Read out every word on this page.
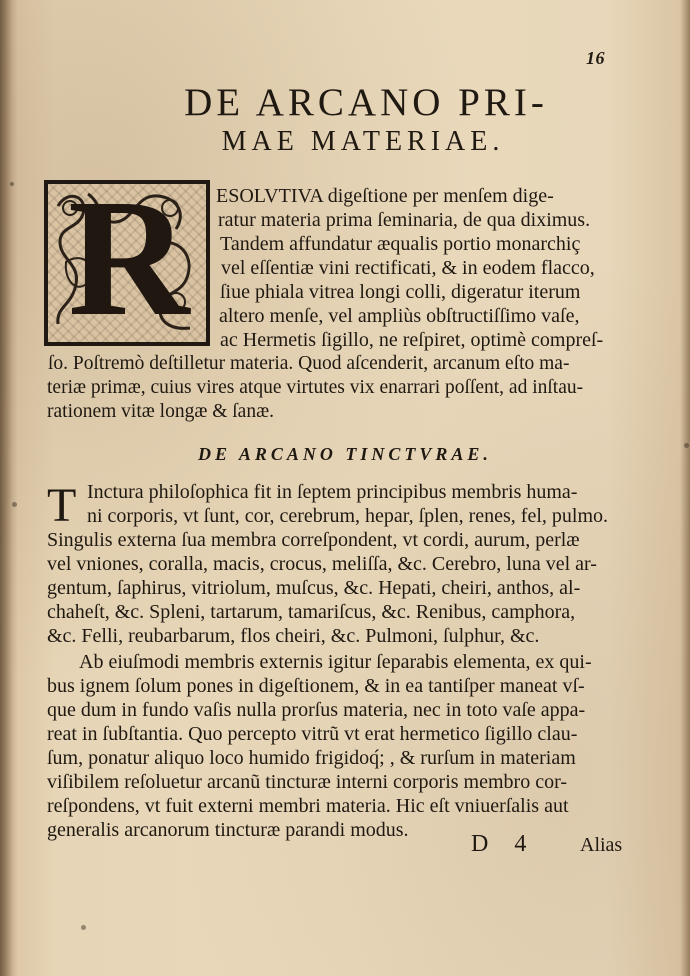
16
DE ARCANO PRI-
MAE MATERIAE.
R ESOLVTIVA digeſtione per menſem dige-
ratur materia prima ſeminaria, de qua diximus.
Tandem affundatur æqualis portio monarchiç
vel eſſentiæ vini rectificati, & in eodem flacco,
ſiue phiala vitrea longi colli, digeratur iterum
altero menſe, vel ampliùs obſtructiſſimo vaſe,
ac Hermetis ſigillo, ne reſpiret, optimè compreſ-
ſo. Poſtremò deſtilletur materia. Quod aſcenderit, arcanum eſto ma-
teriæ primæ, cuius vires atque virtutes vix enarrari poſſent, ad inſtau-
rationem vitæ longæ & ſanæ.
DE ARCANO TINCTVRAE.
T Inctura philoſophica fit in ſeptem principibus membris huma-
ni corporis, vt ſunt, cor, cerebrum, hepar, ſplen, renes, fel, pulmo.
Singulis externa ſua membra correſpondent, vt cordi, aurum, perlæ
vel vniones, coralla, macis, crocus, meliſſa, &c. Cerebro, luna vel ar-
gentum, ſaphirus, vitriolum, muſcus, &c. Hepati, cheiri, anthos, al-
chaheſt, &c. Spleni, tartarum, tamariſcus, &c. Renibus, camphora,
&c. Felli, reubarbarum, flos cheiri, &c. Pulmoni, ſulphur, &c.
Ab eiuſmodi membris externis igitur ſeparabis elementa, ex qui-
bus ignem ſolum pones in digeſtionem, & in ea tantiſper maneat vſ-
que dum in fundo vaſis nulla prorſus materia, nec in toto vaſe appa-
reat in ſubſtantia. Quo percepto vitrũ vt erat hermetico ſigillo clau-
ſum, ponatur aliquo loco humido frigidoq́; , & rurſum in materiam
viſibilem reſoluetur arcanũ tincturæ interni corporis membro cor-
reſpondens, vt fuit externi membri materia. Hic eſt vniuerſalis aut
generalis arcanorum tincturæ parandi modus.
D 4 Alias
